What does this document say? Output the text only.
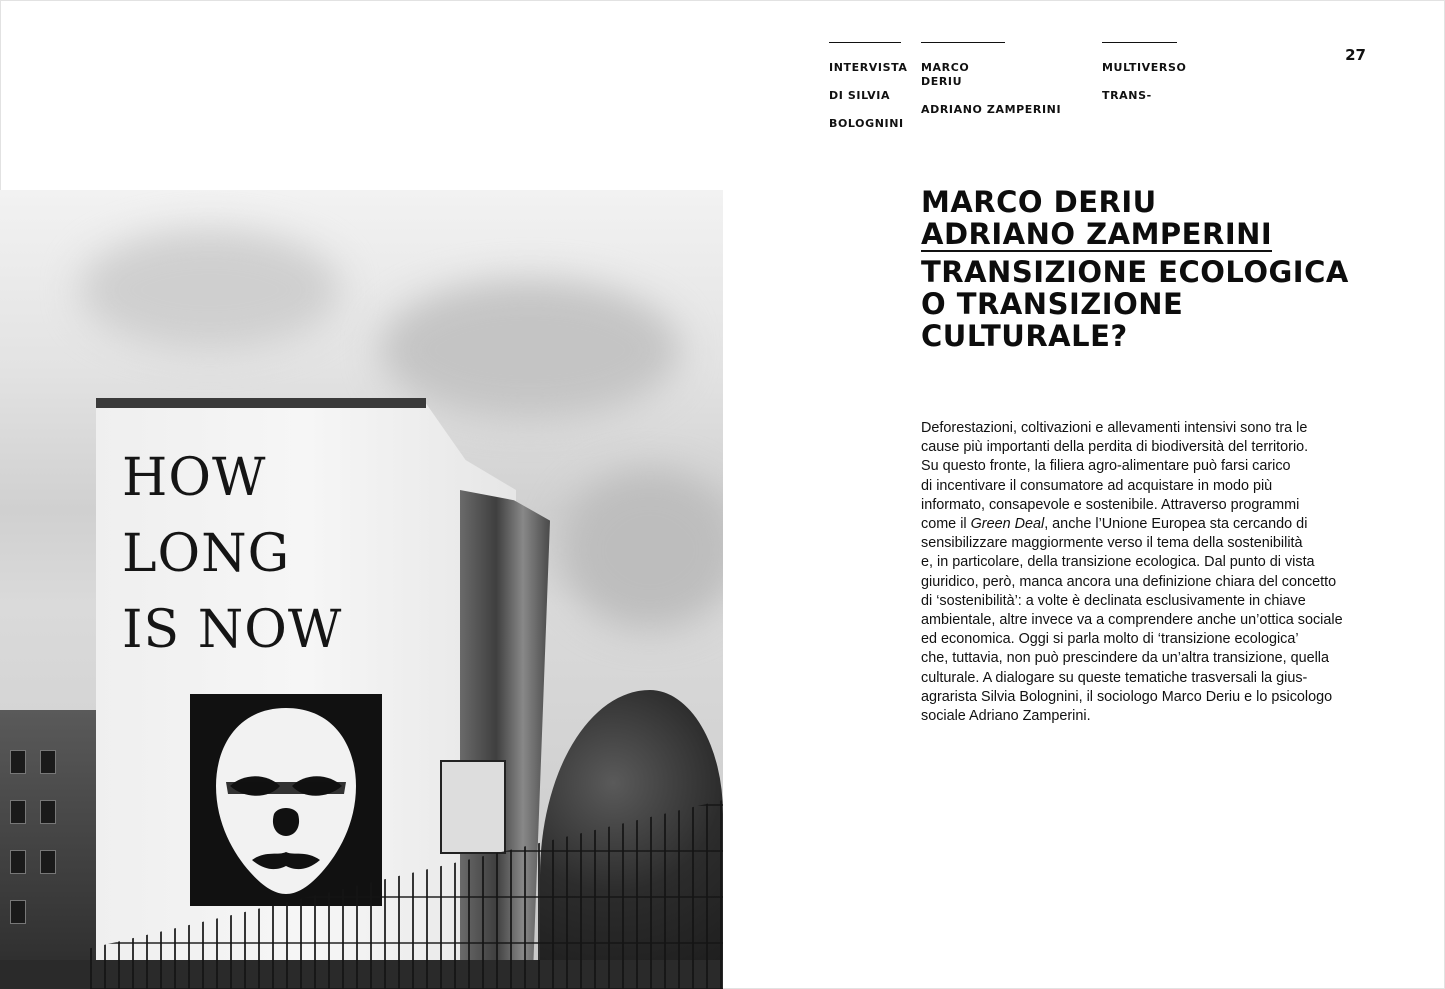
INTERVISTA

DI SILVIA

BOLOGNINI

MARCO DERIU

ADRIANO ZAMPERINI

MULTIVERSO

TRANS-

27
HOW
LONG
IS NOW
MARCO DERIU
ADRIANO ZAMPERINI
TRANSIZIONE ECOLOGICA
O TRANSIZIONE
CULTURALE?
Deforestazioni, coltivazioni e allevamenti intensivi sono tra le
cause più importanti della perdita di biodiversità del territorio.
Su questo fronte, la filiera agro-alimentare può farsi carico
di incentivare il consumatore ad acquistare in modo più
informato, consapevole e sostenibile. Attraverso programmi
come il Green Deal, anche l’Unione Europea sta cercando di
sensibilizzare maggiormente verso il tema della sostenibilità
e, in particolare, della transizione ecologica. Dal punto di vista
giuridico, però, manca ancora una definizione chiara del concetto
di ‘sostenibilità’: a volte è declinata esclusivamente in chiave
ambientale, altre invece va a comprendere anche un’ottica sociale
ed economica. Oggi si parla molto di ‘transizione ecologica’
che, tuttavia, non può prescindere da un’altra transizione, quella
culturale. A dialogare su queste tematiche trasversali la gius-
agrarista Silvia Bolognini, il sociologo Marco Deriu e lo psicologo
sociale Adriano Zamperini.
